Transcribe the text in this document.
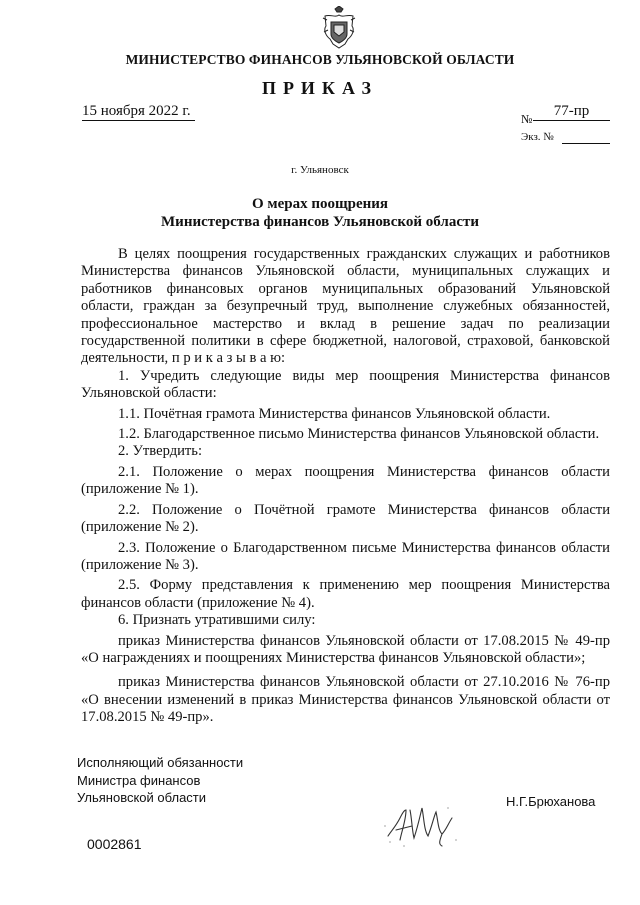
МИНИСТЕРСТВО ФИНАНСОВ УЛЬЯНОВСКОЙ ОБЛАСТИ
ПРИКАЗ
15 ноября 2022 г.	№	77-пр
Экз. №
г. Ульяновск
О мерах поощрения
Министерства финансов Ульяновской области

В целях поощрения государственных гражданских служащих и работников Министерства финансов Ульяновской области, муниципальных служащих и работников финансовых органов муниципальных образований Ульяновской области, граждан за безупречный труд, выполнение служебных обязанностей, профессиональное мастерство и вклад в решение задач по реализации государственной политики в сфере бюджетной, налоговой, страховой, банковской деятельности, п р и к а з ы в а ю:

1. Учредить следующие виды мер поощрения Министерства финансов Ульяновской области:

1.1. Почётная грамота Министерства финансов Ульяновской области.

1.2. Благодарственное письмо Министерства финансов Ульяновской области.

2. Утвердить:

2.1. Положение о мерах поощрения Министерства финансов области (приложение № 1).

2.2. Положение о Почётной грамоте Министерства финансов области (приложение № 2).

2.3. Положение о Благодарственном письме Министерства финансов области (приложение № 3).

2.5. Форму представления к применению мер поощрения Министерства финансов области (приложение № 4).

6. Признать утратившими силу:

приказ Министерства финансов Ульяновской области от 17.08.2015 № 49-пр «О награждениях и поощрениях Министерства финансов Ульяновской области»;

приказ Министерства финансов Ульяновской области от 27.10.2016 № 76-пр «О внесении изменений в приказ Министерства финансов Ульяновской области от 17.08.2015 № 49-пр».

Исполняющий обязанности
Министра финансов
Ульяновской области	Н.Г.Брюханова
0002861
